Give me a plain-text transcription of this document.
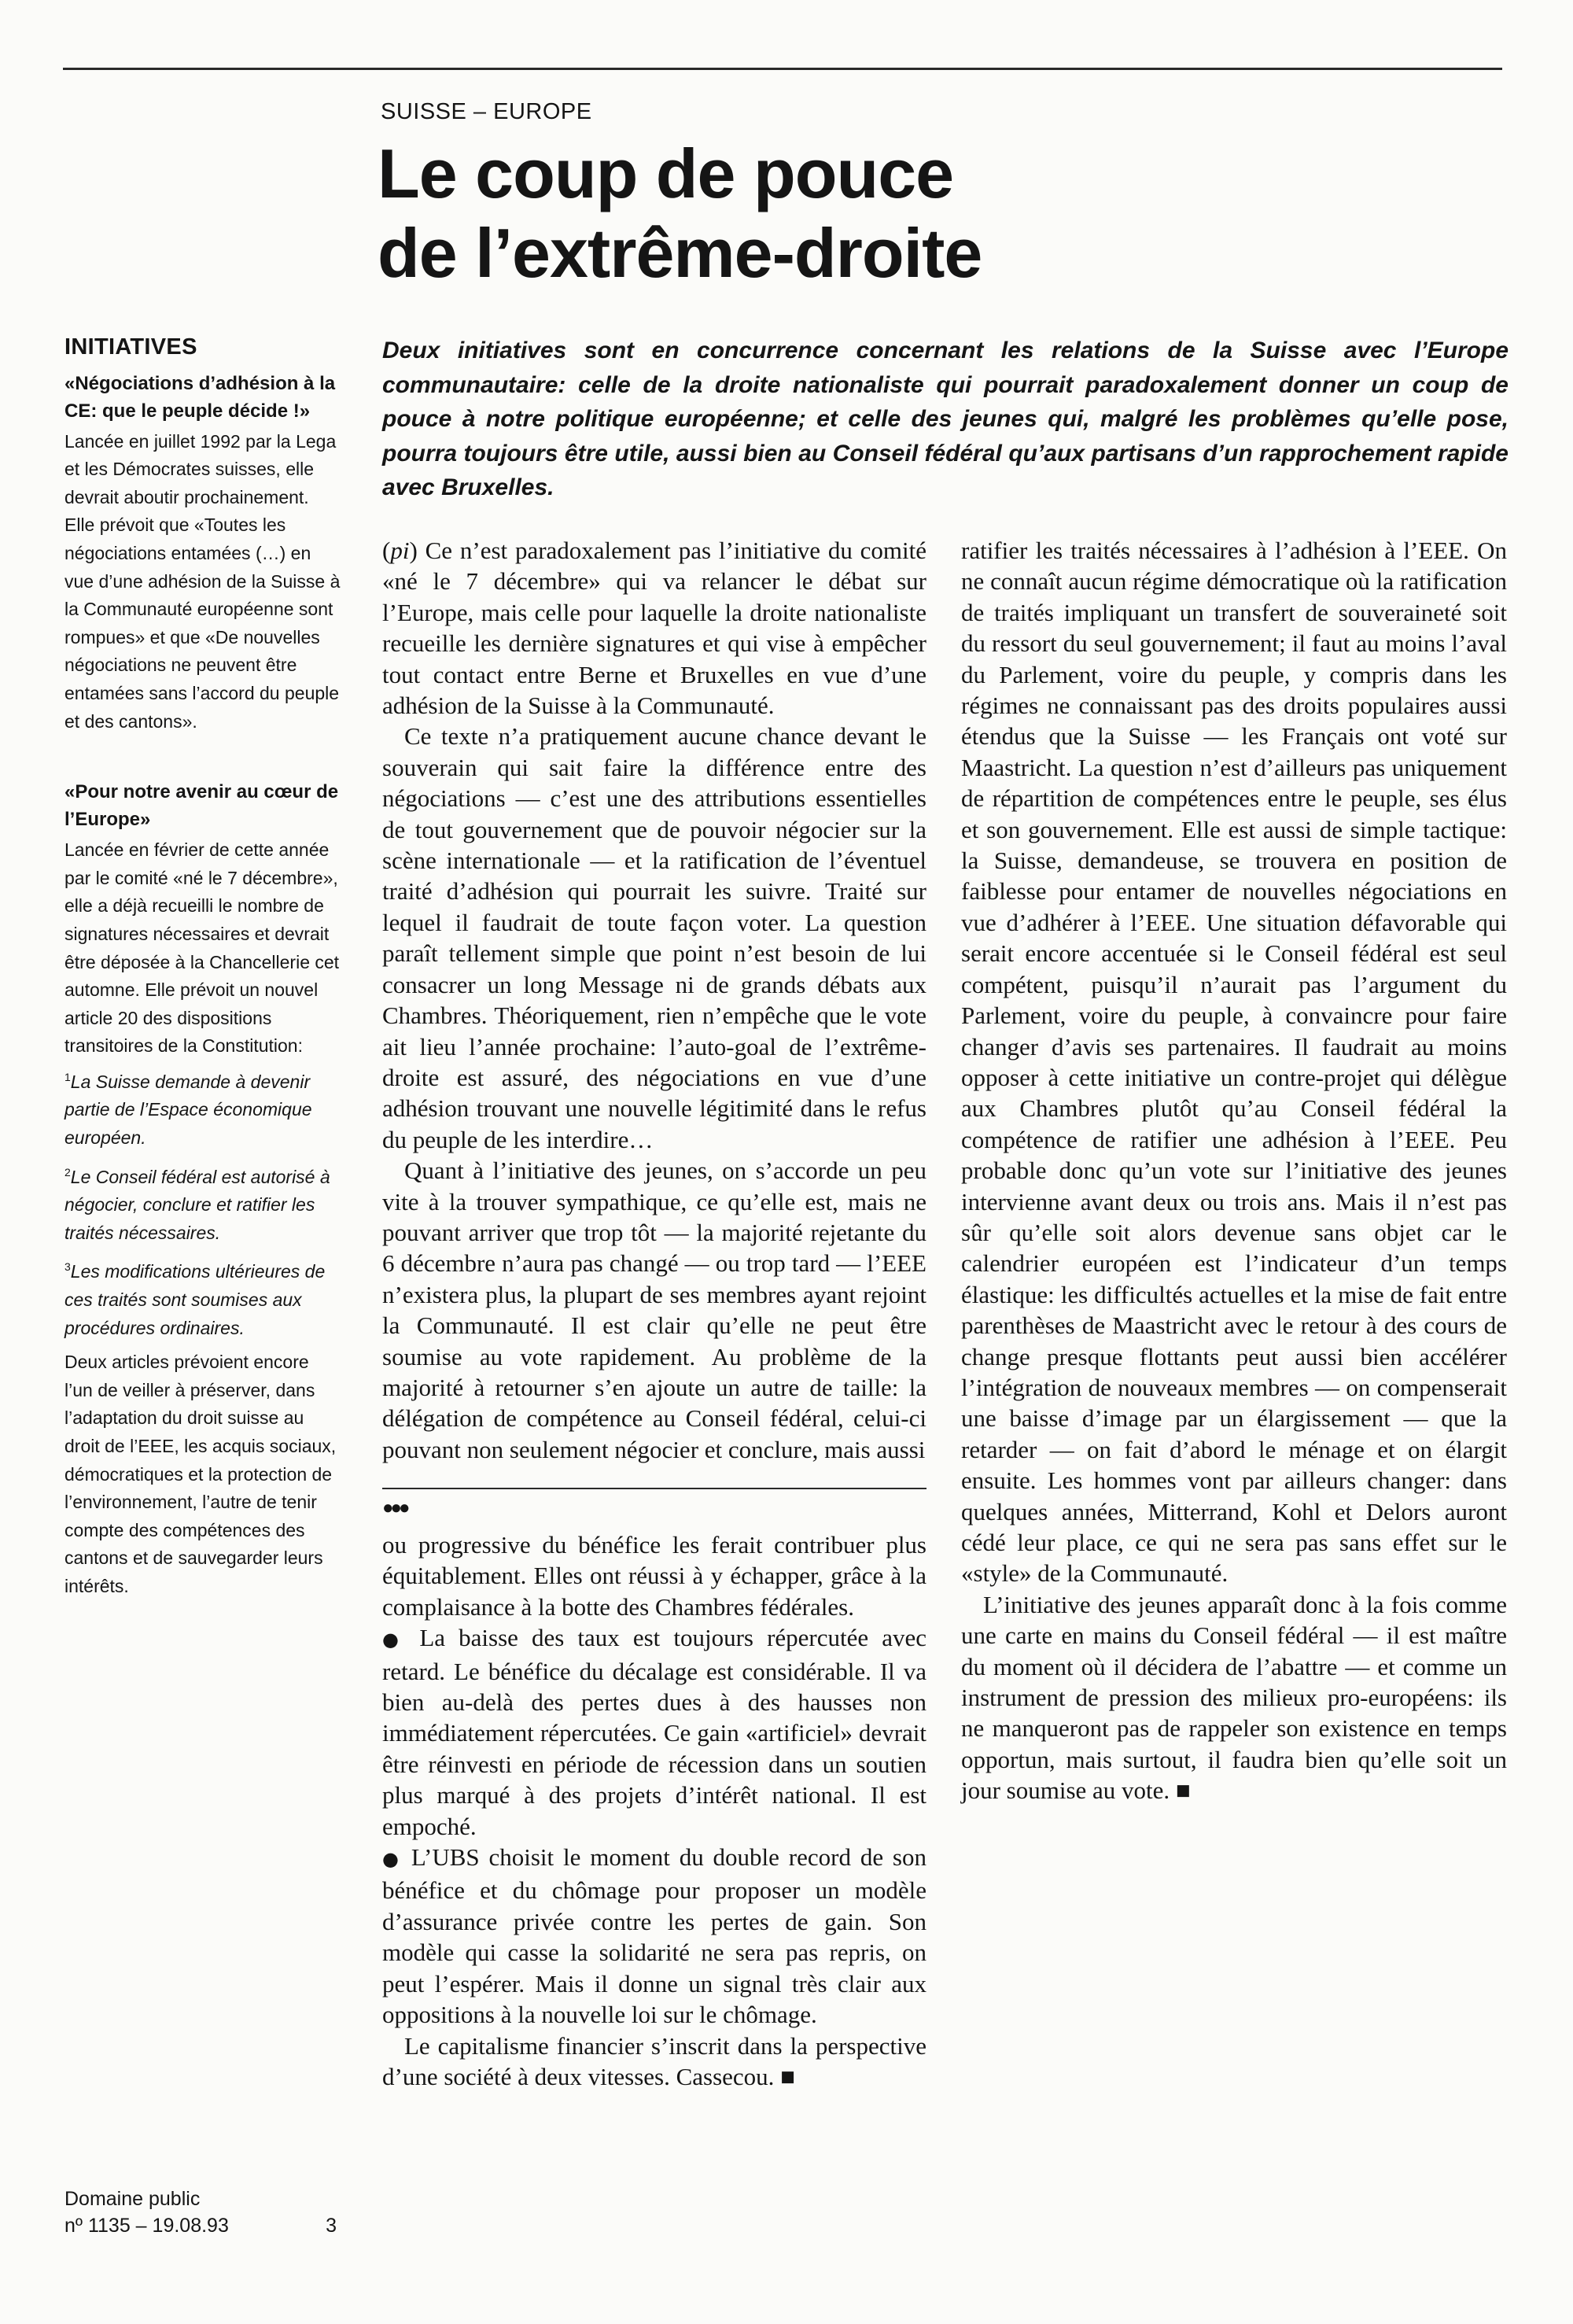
SUISSE – EUROPE
Le coup de pouce
de l’extrême-droite
INITIATIVES
«Négociations d’adhésion à la CE: que le peuple décide !»

Lancée en juillet 1992 par la Lega et les Démocrates suisses, elle devrait aboutir prochainement. Elle prévoit que «Toutes les négociations entamées (…) en vue d’une adhésion de la Suisse à la Communauté européenne sont rompues» et que «De nouvelles négociations ne peuvent être entamées sans l’accord du peuple et des cantons».

«Pour notre avenir au cœur de l’Europe»

Lancée en février de cette année par le comité «né le 7 décembre», elle a déjà recueilli le nombre de signatures nécessaires et devrait être déposée à la Chancellerie cet automne. Elle prévoit un nouvel article 20 des dispositions transitoires de la Constitution:

$^1$La Suisse demande à devenir partie de l’Espace économique européen.

$^2$Le Conseil fédéral est autorisé à négocier, conclure et ratifier les traités nécessaires.

$^3$Les modifications ultérieures de ces traités sont soumises aux procédures ordinaires.

Deux articles prévoient encore l’un de veiller à préserver, dans l’adaptation du droit suisse au droit de l’EEE, les acquis sociaux, démocratiques et la protection de l’environnement, l’autre de tenir compte des compétences des cantons et de sauvegarder leurs intérêts.

Domaine public
nº 1135 – 19.08.93	3

Deux initiatives sont en concurrence concernant les relations de la Suisse avec l’Europe communautaire: celle de la droite nationaliste qui pourrait paradoxalement donner un coup de pouce à notre politique européenne; et celle des jeunes qui, malgré les problèmes qu’elle pose, pourra toujours être utile, aussi bien au Conseil fédéral qu’aux partisans d’un rapprochement rapide avec Bruxelles.

(pi) Ce n’est paradoxalement pas l’initiative du comité «né le 7 décembre» qui va relancer le débat sur l’Europe, mais celle pour laquelle la droite nationaliste recueille les dernière signatures et qui vise à empêcher tout contact entre Berne et Bruxelles en vue d’une adhésion de la Suisse à la Communauté.

Ce texte n’a pratiquement aucune chance devant le souverain qui sait faire la différence entre des négociations — c’est une des attributions essentielles de tout gouvernement que de pouvoir négocier sur la scène internationale — et la ratification de l’éventuel traité d’adhésion qui pourrait les suivre. Traité sur lequel il faudrait de toute façon voter. La question paraît tellement simple que point n’est besoin de lui consacrer un long Message ni de grands débats aux Chambres. Théoriquement, rien n’empêche que le vote ait lieu l’année prochaine: l’auto-goal de l’extrême-droite est assuré, des négociations en vue d’une adhésion trouvant une nouvelle légitimité dans le refus du peuple de les interdire…

Quant à l’initiative des jeunes, on s’accorde un peu vite à la trouver sympathique, ce qu’elle est, mais ne pouvant arriver que trop tôt — la majorité rejetante du 6 décembre n’aura pas changé — ou trop tard — l’EEE n’existera plus, la plupart de ses membres ayant rejoint la Communauté. Il est clair qu’elle ne peut être soumise au vote rapidement. Au problème de la majorité à retourner s’en ajoute un autre de taille: la délégation de compétence au Conseil fédéral, celui-ci pouvant non seulement négocier et conclure, mais aussi

●●●

ou progressive du bénéfice les ferait contribuer plus équitablement. Elles ont réussi à y échapper, grâce à la complaisance à la botte des Chambres fédérales.

● La baisse des taux est toujours répercutée avec retard. Le bénéfice du décalage est considérable. Il va bien au-delà des pertes dues à des hausses non immédiatement répercutées. Ce gain «artificiel» devrait être réinvesti en période de récession dans un soutien plus marqué à des projets d’intérêt national. Il est empoché.

● L’UBS choisit le moment du double record de son bénéfice et du chômage pour proposer un modèle d’assurance privée contre les pertes de gain. Son modèle qui casse la solidarité ne sera pas repris, on peut l’espérer. Mais il donne un signal très clair aux oppositions à la nouvelle loi sur le chômage.

Le capitalisme financier s’inscrit dans la perspective d’une société à deux vitesses. Cassecou. ■

ratifier les traités nécessaires à l’adhésion à l’EEE. On ne connaît aucun régime démocratique où la ratification de traités impliquant un transfert de souveraineté soit du ressort du seul gouvernement; il faut au moins l’aval du Parlement, voire du peuple, y compris dans les régimes ne connaissant pas des droits populaires aussi étendus que la Suisse — les Français ont voté sur Maastricht. La question n’est d’ailleurs pas uniquement de répartition de compétences entre le peuple, ses élus et son gouvernement. Elle est aussi de simple tactique: la Suisse, demandeuse, se trouvera en position de faiblesse pour entamer de nouvelles négociations en vue d’adhérer à l’EEE. Une situation défavorable qui serait encore accentuée si le Conseil fédéral est seul compétent, puisqu’il n’aurait pas l’argument du Parlement, voire du peuple, à convaincre pour faire changer d’avis ses partenaires. Il faudrait au moins opposer à cette initiative un contre-projet qui délègue aux Chambres plutôt qu’au Conseil fédéral la compétence de ratifier une adhésion à l’EEE. Peu probable donc qu’un vote sur l’initiative des jeunes intervienne avant deux ou trois ans. Mais il n’est pas sûr qu’elle soit alors devenue sans objet car le calendrier européen est l’indicateur d’un temps élastique: les difficultés actuelles et la mise de fait entre parenthèses de Maastricht avec le retour à des cours de change presque flottants peut aussi bien accélérer l’intégration de nouveaux membres — on compenserait une baisse d’image par un élargissement — que la retarder — on fait d’abord le ménage et on élargit ensuite. Les hommes vont par ailleurs changer: dans quelques années, Mitterrand, Kohl et Delors auront cédé leur place, ce qui ne sera pas sans effet sur le «style» de la Communauté.

L’initiative des jeunes apparaît donc à la fois comme une carte en mains du Conseil fédéral — il est maître du moment où il décidera de l’abattre — et comme un instrument de pression des milieux pro-européens: ils ne manqueront pas de rappeler son existence en temps opportun, mais surtout, il faudra bien qu’elle soit un jour soumise au vote. ■
